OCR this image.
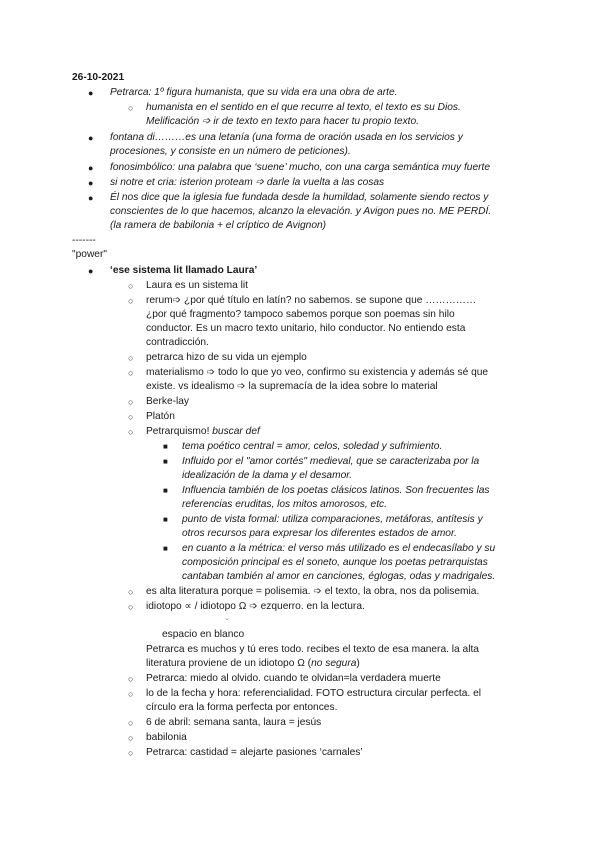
26-10-2021
● Petrarca: 1º figura humanista, que su vida era una obra de arte.
○ humanista en el sentido en el que recurre al texto, el texto es su Dios.
Melificación ➩ ir de texto en texto para hacer tu propio texto.
● fontana di………es una letanía (una forma de oración usada en los servicios y
procesiones, y consiste en un número de peticiones).
● fonosimbólico: una palabra que ‘suene’ mucho, con una carga semántica muy fuerte
● si notre et cria: isterion proteam ➩ darle la vuelta a las cosas
● Él nos dice que la iglesia fue fundada desde la humildad, solamente siendo rectos y
conscientes de lo que hacemos, alcanzo la elevación. y Avigon pues no. ME PERDÍ.
(la ramera de babilonia + el críptico de Avignon)
-------
"power"
● ‘ese sistema lit llamado Laura’
○ Laura es un sistema lit
○ rerum➩ ¿por qué título en latín? no sabemos. se supone que ……………
¿por qué fragmento? tampoco sabemos porque son poemas sin hilo
conductor. Es un macro texto unitario, hilo conductor. No entiendo esta
contradicción.
○ petrarca hizo de su vida un ejemplo
○ materialismo ➩ todo lo que yo veo, confirmo su existencia y además sé que
existe. vs idealismo ➩ la supremacía de la idea sobre lo material
○ Berke-lay
○ Platón
○ Petrarquismo! buscar def
■ tema poético central = amor, celos, soledad y sufrimiento.
■ Influido por el "amor cortés" medieval, que se caracterizaba por la
idealización de la dama y el desamor.
■ Influencia también de los poetas clásicos latinos. Son frecuentes las
referencias eruditas, los mitos amorosos, etc.
■ punto de vista formal: utiliza comparaciones, metáforas, antítesis y
otros recursos para expresar los diferentes estados de amor.
■ en cuanto a la métrica: el verso más utilizado es el endecasílabo y su
composición principal es el soneto, aunque los poetas petrarquistas
cantaban también al amor en canciones, églogas, odas y madrigales.
○ es alta literatura porque = polisemia. ➩ el texto, la obra, nos da polisemia.
○ idiotopo ∝ / idiotopo Ω ➩ ezquerro. en la lectura.
⌄
espacio en blanco
Petrarca es muchos y tú eres todo. recibes el texto de esa manera. la alta
literatura proviene de un idiotopo Ω (no segura)
○ Petrarca: miedo al olvido. cuando te olvidan=la verdadera muerte
○ lo de la fecha y hora: referencialidad. FOTO estructura circular perfecta. el
círculo era la forma perfecta por entonces.
○ 6 de abril: semana santa, laura = jesús
○ babilonia
○ Petrarca: castidad = alejarte pasiones ‘carnales’
